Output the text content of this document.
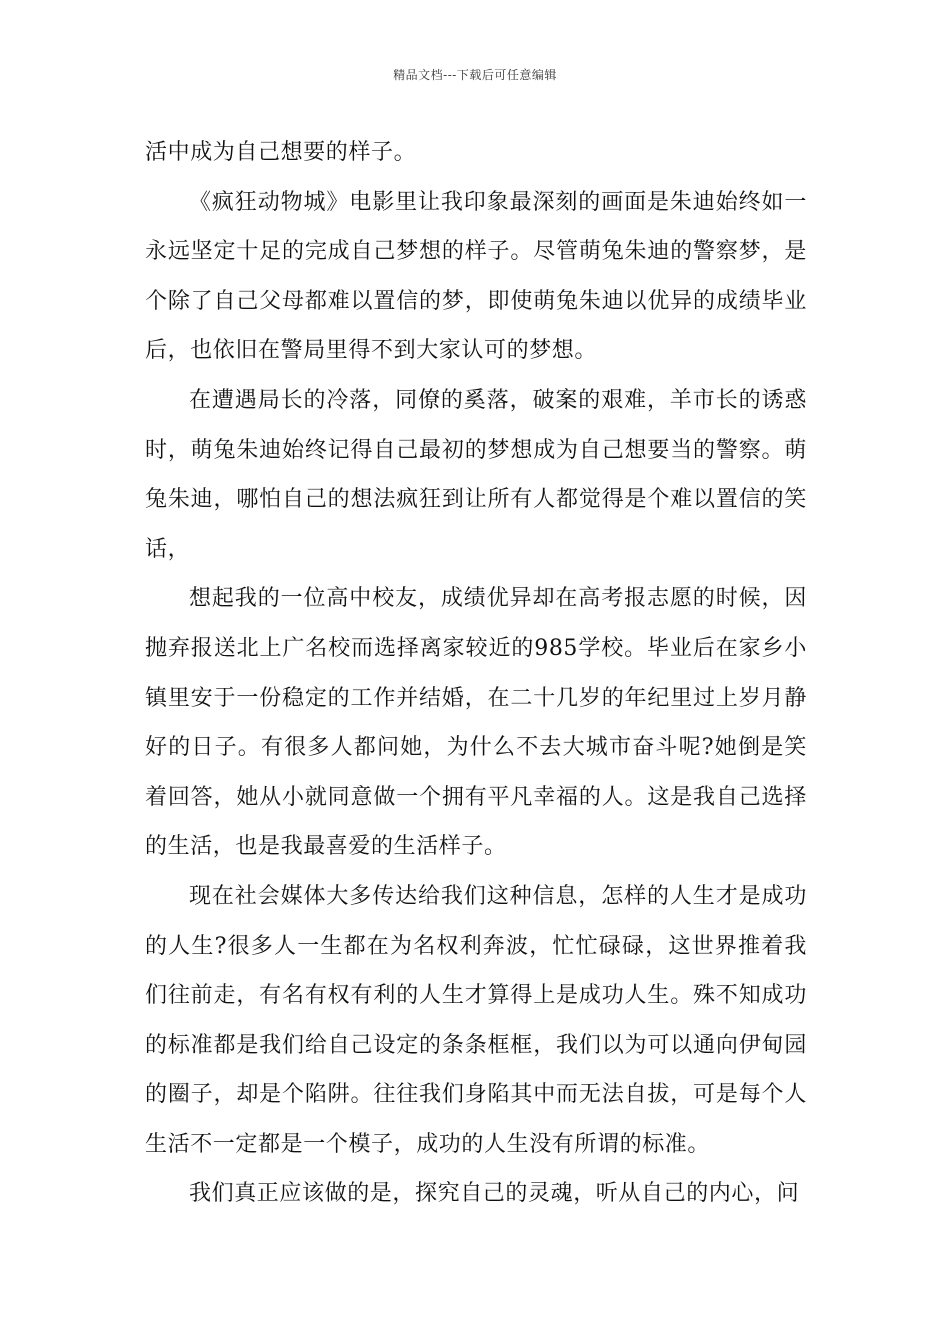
精品文档---下载后可任意编辑

活中成为自己想要的样子。

《疯狂动物城》电影里让我印象最深刻的画面是朱迪始终如一永远坚定十足的完成自己梦想的样子。尽管萌兔朱迪的警察梦，是个除了自己父母都难以置信的梦，即使萌兔朱迪以优异的成绩毕业后，也依旧在警局里得不到大家认可的梦想。

在遭遇局长的冷落，同僚的奚落，破案的艰难，羊市长的诱惑时，萌兔朱迪始终记得自己最初的梦想成为自己想要当的警察。萌兔朱迪，哪怕自己的想法疯狂到让所有人都觉得是个难以置信的笑话，

想起我的一位高中校友，成绩优异却在高考报志愿的时候，因抛弃报送北上广名校而选择离家较近的985学校。毕业后在家乡小镇里安于一份稳定的工作并结婚，在二十几岁的年纪里过上岁月静好的日子。有很多人都问她，为什么不去大城市奋斗呢?她倒是笑着回答，她从小就同意做一个拥有平凡幸福的人。这是我自己选择的生活，也是我最喜爱的生活样子。

现在社会媒体大多传达给我们这种信息，怎样的人生才是成功的人生?很多人一生都在为名权利奔波，忙忙碌碌，这世界推着我们往前走，有名有权有利的人生才算得上是成功人生。殊不知成功的标准都是我们给自己设定的条条框框，我们以为可以通向伊甸园的圈子，却是个陷阱。往往我们身陷其中而无法自拔，可是每个人生活不一定都是一个模子，成功的人生没有所谓的标准。

我们真正应该做的是，探究自己的灵魂，听从自己的内心，问
